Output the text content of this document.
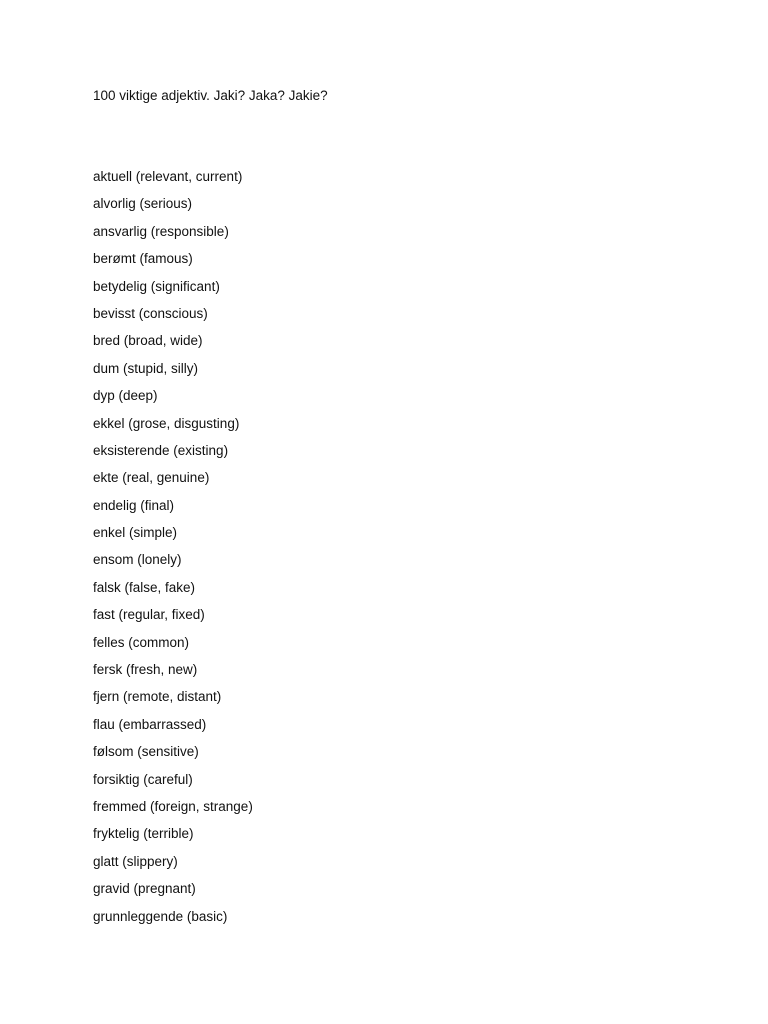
100 viktige adjektiv. Jaki? Jaka? Jakie?
aktuell (relevant, current)
alvorlig (serious)
ansvarlig (responsible)
berømt (famous)
betydelig (significant)
bevisst (conscious)
bred (broad, wide)
dum (stupid, silly)
dyp (deep)
ekkel (grose, disgusting)
eksisterende (existing)
ekte (real, genuine)
endelig (final)
enkel (simple)
ensom (lonely)
falsk (false, fake)
fast (regular, fixed)
felles (common)
fersk (fresh, new)
fjern (remote, distant)
flau (embarrassed)
følsom (sensitive)
forsiktig (careful)
fremmed (foreign, strange)
fryktelig (terrible)
glatt (slippery)
gravid (pregnant)
grunnleggende (basic)
